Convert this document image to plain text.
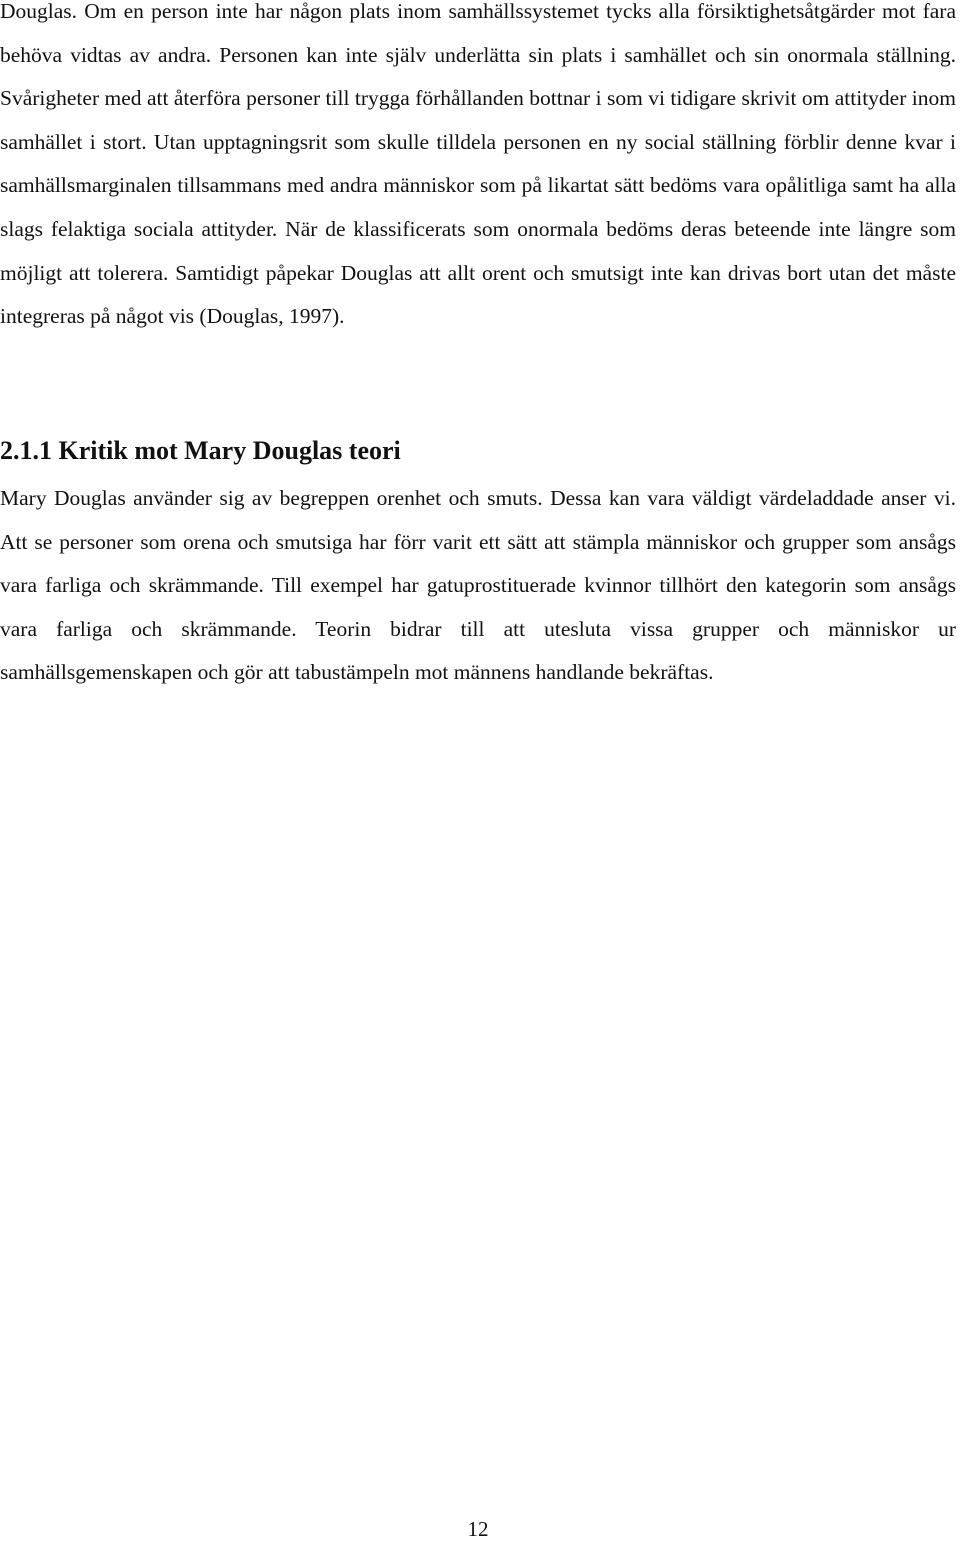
Douglas. Om en person inte har någon plats inom samhällssystemet tycks alla försiktighetsåtgärder mot fara behöva vidtas av andra. Personen kan inte själv underlätta sin plats i samhället och sin onormala ställning. Svårigheter med att återföra personer till trygga förhållanden bottnar i som vi tidigare skrivit om attityder inom samhället i stort. Utan upptagningsrit som skulle tilldela personen en ny social ställning förblir denne kvar i samhällsmarginalen tillsammans med andra människor som på likartat sätt bedöms vara opålitliga samt ha alla slags felaktiga sociala attityder. När de klassificerats som onormala bedöms deras beteende inte längre som möjligt att tolerera. Samtidigt påpekar Douglas att allt orent och smutsigt inte kan drivas bort utan det måste integreras på något vis (Douglas, 1997).

2.1.1 Kritik mot Mary Douglas teori

Mary Douglas använder sig av begreppen orenhet och smuts. Dessa kan vara väldigt värdeladdade anser vi. Att se personer som orena och smutsiga har förr varit ett sätt att stämpla människor och grupper som ansågs vara farliga och skrämmande. Till exempel har gatuprostituerade kvinnor tillhört den kategorin som ansågs vara farliga och skrämmande. Teorin bidrar till att utesluta vissa grupper och människor ur samhällsgemenskapen och gör att tabustämpeln mot männens handlande bekräftas.

12
